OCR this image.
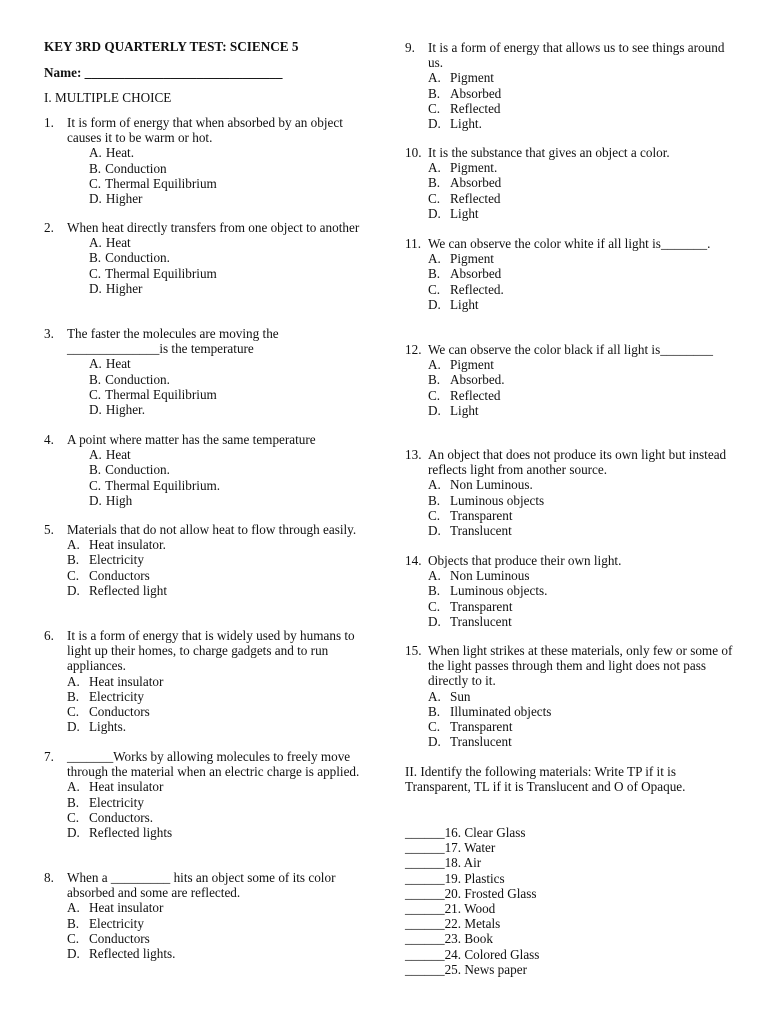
KEY 3RD QUARTERLY TEST: SCIENCE 5
Name: ______________________________
I. MULTIPLE CHOICE
1. It is form of energy that when absorbed by an object causes it to be warm or hot.
A. Heat.
B. Conduction
C. Thermal Equilibrium
D. Higher
2. When heat directly transfers from one object to another
A. Heat
B. Conduction.
C. Thermal Equilibrium
D. Higher
3. The faster the molecules are moving the ______________is the temperature
A. Heat
B. Conduction.
C. Thermal Equilibrium
D. Higher.
4. A point where matter has the same temperature
A. Heat
B. Conduction.
C. Thermal Equilibrium.
D. High
5. Materials that do not allow heat to flow through easily.
A. Heat insulator.
B. Electricity
C. Conductors
D. Reflected light
6. It is a form of energy that is widely used by humans to light up their homes, to charge gadgets and to run appliances.
A. Heat insulator
B. Electricity
C. Conductors
D. Lights.
7. _______Works by allowing molecules to freely move through the material when an electric charge is applied.
A. Heat insulator
B. Electricity
C. Conductors.
D. Reflected lights
8. When a _________ hits an object some of its color absorbed and some are reflected.
A. Heat insulator
B. Electricity
C. Conductors
D. Reflected lights.
9. It is a form of energy that allows us to see things around us.
A. Pigment
B. Absorbed
C. Reflected
D. Light.
10. It is the substance that gives an object a color.
A. Pigment.
B. Absorbed
C. Reflected
D. Light
11. We can observe the color white if all light is_______.
A. Pigment
B. Absorbed
C. Reflected.
D. Light
12. We can observe the color black if all light is________
A. Pigment
B. Absorbed.
C. Reflected
D. Light
13. An object that does not produce its own light but instead reflects light from another source.
A. Non Luminous.
B. Luminous objects
C. Transparent
D. Translucent
14. Objects that produce their own light.
A. Non Luminous
B. Luminous objects.
C. Transparent
D. Translucent
15. When light strikes at these materials, only few or some of the light passes through them and light does not pass directly to it.
A. Sun
B. Illuminated objects
C. Transparent
D. Translucent
II. Identify the following materials: Write TP if it is Transparent, TL if it is Translucent and O of Opaque.
______16. Clear Glass
______17. Water
______18. Air
______19. Plastics
______20. Frosted Glass
______21. Wood
______22. Metals
______23. Book
______24. Colored Glass
______25. News paper
